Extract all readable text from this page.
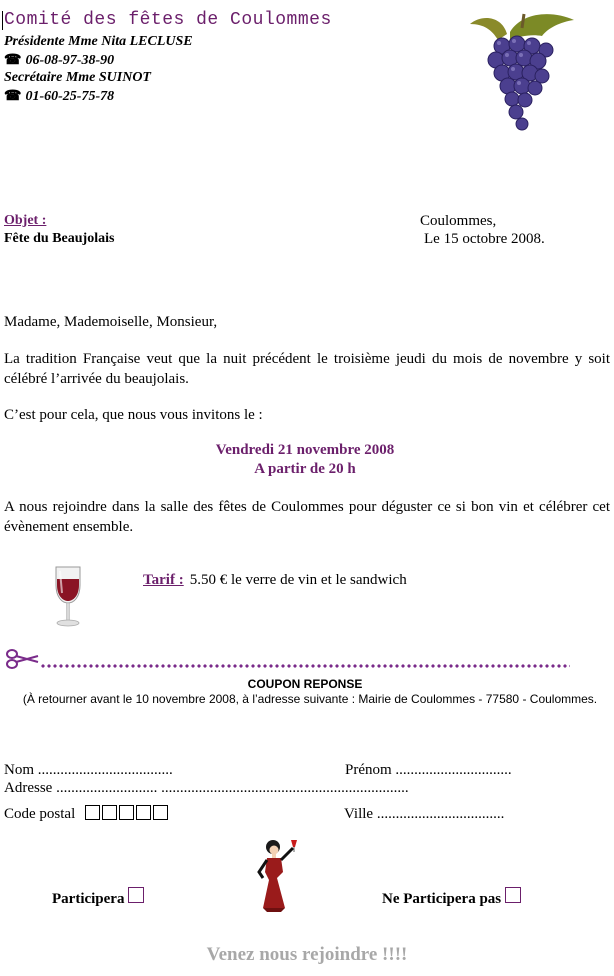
Comité des fêtes de Coulommes
Présidente Mme Nita LECLUSE
☎ 06-08-97-38-90
Secrétaire Mme SUINOT
☎ 01-60-25-75-78
Objet :
Fête du Beaujolais
Coulommes,
Le 15 octobre 2008.
Madame, Mademoiselle, Monsieur,
La tradition Française veut que la nuit précédent le troisième jeudi du mois de novembre y soit célébré l’arrivée du beaujolais.
C’est pour cela, que nous vous invitons le :
Vendredi 21 novembre 2008
A partir de 20 h
A nous rejoindre dans la salle des fêtes de Coulommes pour déguster ce si bon vin et célébrer cet évènement ensemble.
Tarif : 5.50 € le verre de vin et le sandwich
COUPON REPONSE
(À retourner avant le 10 novembre 2008, à l’adresse suivante : Mairie de Coulommes - 77580 - Coulommes.
Nom ....................................	Prénom ...............................
Adresse ........................... ..................................................................
Code postal	Ville ..................................
Participera	Ne Participera pas
Venez nous rejoindre !!!!
